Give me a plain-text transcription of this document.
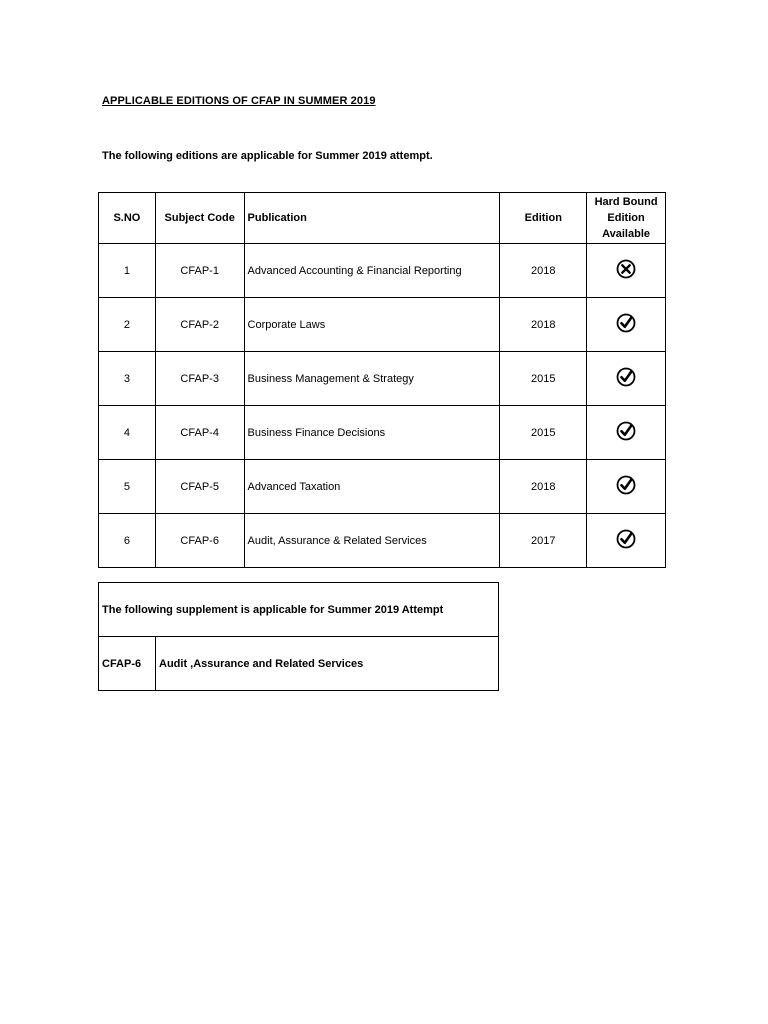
APPLICABLE EDITIONS OF CFAP IN SUMMER 2019
The following editions are applicable for Summer 2019 attempt.
S.NO	Subject Code	Publication	Edition	Hard Bound
Edition
Available

1	CFAP-1	Advanced Accounting & Financial Reporting	2018	
2	CFAP-2	Corporate Laws	2018	
3	CFAP-3	Business Management & Strategy	2015	
4	CFAP-4	Business Finance Decisions	2015	
5	CFAP-5	Advanced Taxation	2018	
6	CFAP-6	Audit, Assurance & Related Services	2017	
The following supplement is applicable for Summer 2019 Attempt
CFAP-6	Audit ,Assurance and Related Services
